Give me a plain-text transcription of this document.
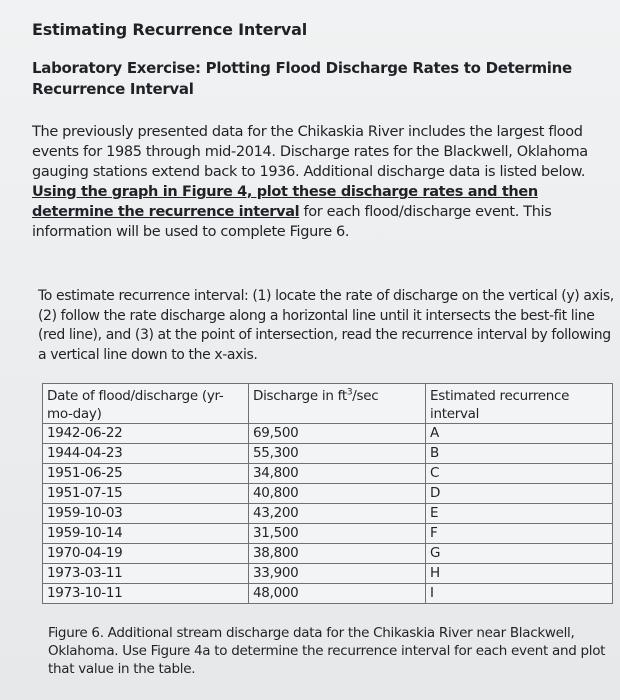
Estimating Recurrence Interval
Laboratory Exercise: Plotting Flood Discharge Rates to Determine Recurrence Interval
The previously presented data for the Chikaskia River includes the largest flood events for 1985 through mid-2014. Discharge rates for the Blackwell, Oklahoma gauging stations extend back to 1936. Additional discharge data is listed below. Using the graph in Figure 4, plot these discharge rates and then determine the recurrence interval for each flood/discharge event. This information will be used to complete Figure 6.
To estimate recurrence interval: (1) locate the rate of discharge on the vertical (y) axis, (2) follow the rate discharge along a horizontal line until it intersects the best-fit line (red line), and (3) at the point of intersection, read the recurrence interval by following a vertical line down to the x-axis.
Date of flood/discharge (yr-mo-day)	Discharge in $ft^3/\sec$	Estimated recurrence interval
1942-06-22	69,500	A
1944-04-23	55,300	B
1951-06-25	34,800	C
1951-07-15	40,800	D
1959-10-03	43,200	E
1959-10-14	31,500	F
1970-04-19	38,800	G
1973-03-11	33,900	H
1973-10-11	48,000	I
Figure 6. Additional stream discharge data for the Chikaskia River near Blackwell, Oklahoma. Use Figure 4a to determine the recurrence interval for each event and plot that value in the table.
